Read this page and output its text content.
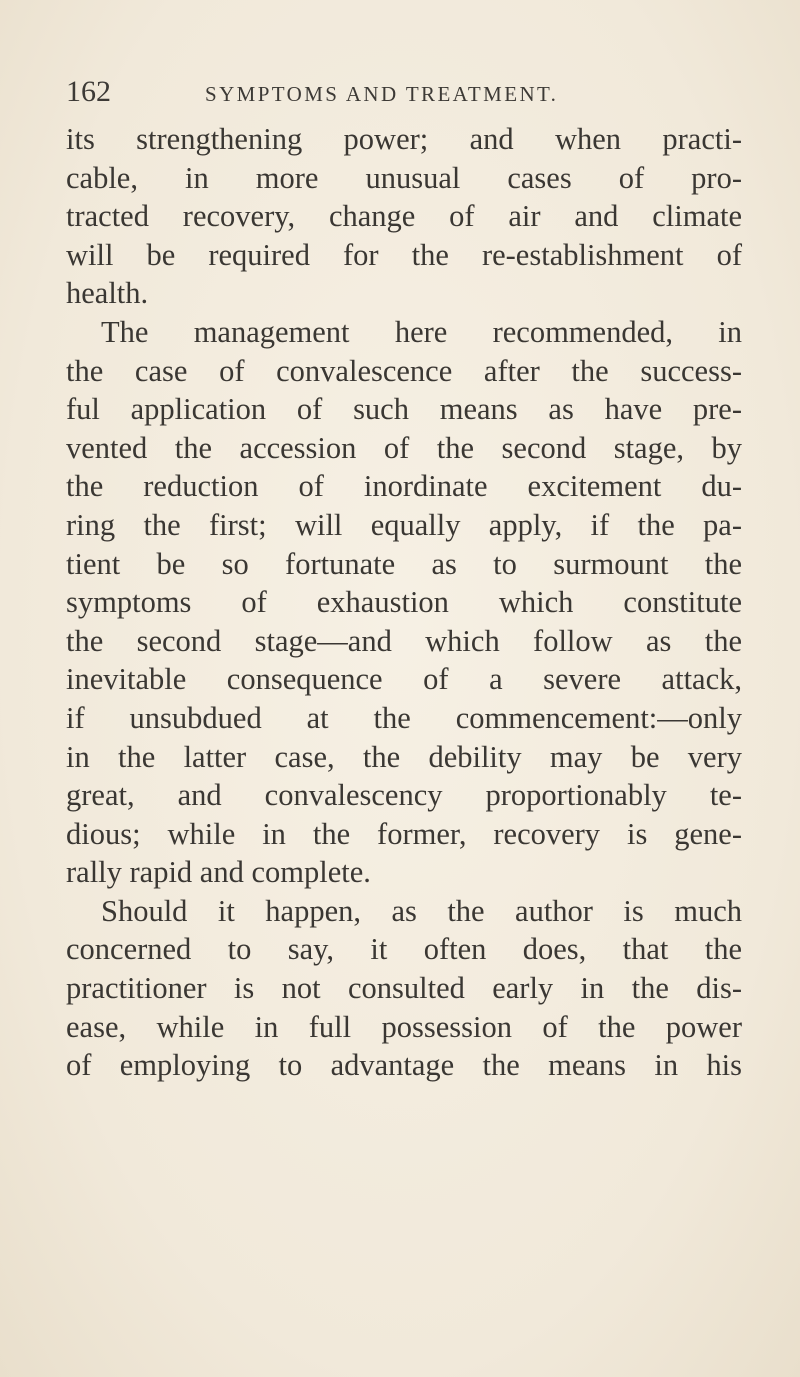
162	SYMPTOMS AND TREATMENT.
its strengthening power; and when practi-
cable, in more unusual cases of pro-
tracted recovery, change of air and climate
will be required for the re-establishment of
health.
The management here recommended, in
the case of convalescence after the success-
ful application of such means as have pre-
vented the accession of the second stage, by
the reduction of inordinate excitement du-
ring the first; will equally apply, if the pa-
tient be so fortunate as to surmount the
symptoms of exhaustion which constitute
the second stage—and which follow as the
inevitable consequence of a severe attack,
if unsubdued at the commencement:—only
in the latter case, the debility may be very
great, and convalescency proportionably te-
dious; while in the former, recovery is gene-
rally rapid and complete.
Should it happen, as the author is much
concerned to say, it often does, that the
practitioner is not consulted early in the dis-
ease, while in full possession of the power
of employing to advantage the means in his
